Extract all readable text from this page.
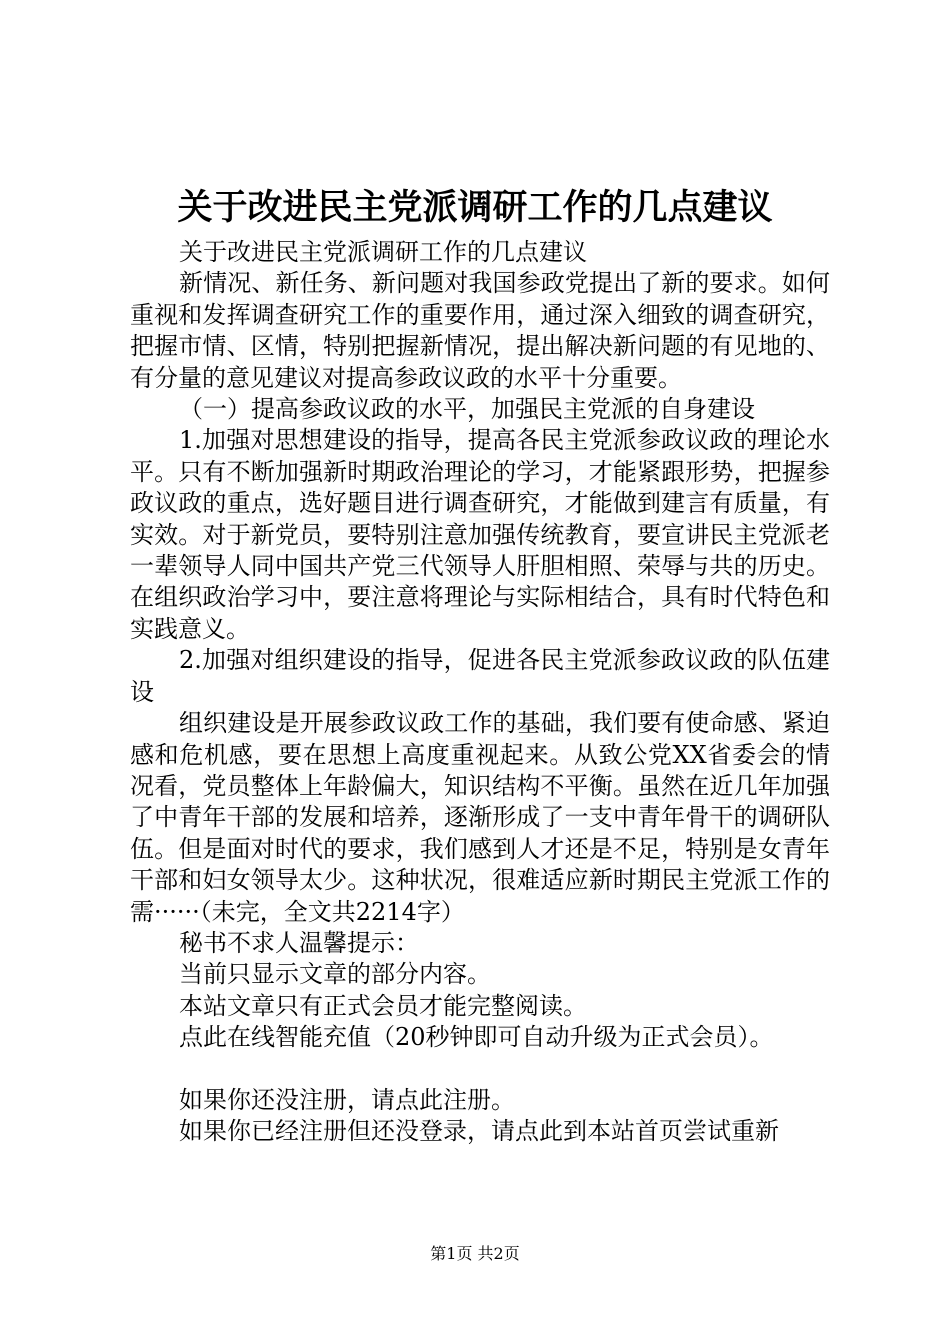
关于改进民主党派调研工作的几点建议

关于改进民主党派调研工作的几点建议

新情况、新任务、新问题对我国参政党提出了新的要求。如何重视和发挥调查研究工作的重要作用，通过深入细致的调查研究，把握市情、区情，特别把握新情况，提出解决新问题的有见地的、有分量的意见建议对提高参政议政的水平十分重要。

（一）提高参政议政的水平，加强民主党派的自身建设

1.加强对思想建设的指导，提高各民主党派参政议政的理论水平。只有不断加强新时期政治理论的学习，才能紧跟形势，把握参政议政的重点，选好题目进行调查研究，才能做到建言有质量，有实效。对于新党员，要特别注意加强传统教育，要宣讲民主党派老一辈领导人同中国共产党三代领导人肝胆相照、荣辱与共的历史。在组织政治学习中，要注意将理论与实际相结合，具有时代特色和实践意义。

2.加强对组织建设的指导，促进各民主党派参政议政的队伍建设

组织建设是开展参政议政工作的基础，我们要有使命感、紧迫感和危机感，要在思想上高度重视起来。从致公党XX省委会的情况看，党员整体上年龄偏大，知识结构不平衡。虽然在近几年加强了中青年干部的发展和培养，逐渐形成了一支中青年骨干的调研队伍。但是面对时代的要求，我们感到人才还是不足，特别是女青年干部和妇女领导太少。这种状况，很难适应新时期民主党派工作的需······（未完，全文共2214字）

秘书不求人温馨提示：

当前只显示文章的部分内容。

本站文章只有正式会员才能完整阅读。

点此在线智能充值（20秒钟即可自动升级为正式会员）。

如果你还没注册，请点此注册。

如果你已经注册但还没登录，请点此到本站首页尝试重新

第1页 共2页
